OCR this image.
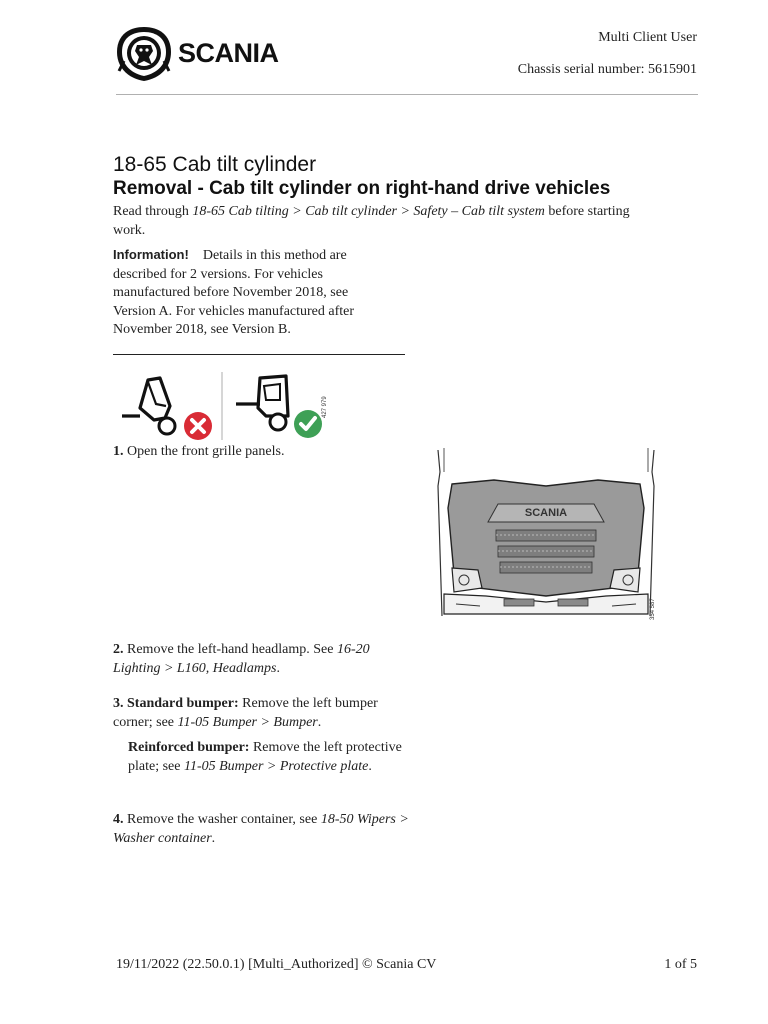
SCANIA
Multi Client User
Chassis serial number: 5615901
18-65 Cab tilt cylinder
Removal - Cab tilt cylinder on right-hand drive vehicles
Read through 18-65 Cab tilting > Cab tilt cylinder > Safety – Cab tilt system before starting work.
Information! Details in this method are described for 2 versions. For vehicles manufactured before November 2018, see Version A. For vehicles manufactured after November 2018, see Version B.
427 979
1. Open the front grille panels.
SCANIA
354 587
2. Remove the left-hand headlamp. See 16-20 Lighting > L160, Headlamps.
3. Standard bumper: Remove the left bumper corner; see 11-05 Bumper > Bumper.
Reinforced bumper: Remove the left protective plate; see 11-05 Bumper > Protective plate.
4. Remove the washer container, see 18-50 Wipers > Washer container.
19/11/2022 (22.50.0.1) [Multi_Authorized] © Scania CV	1 of 5
